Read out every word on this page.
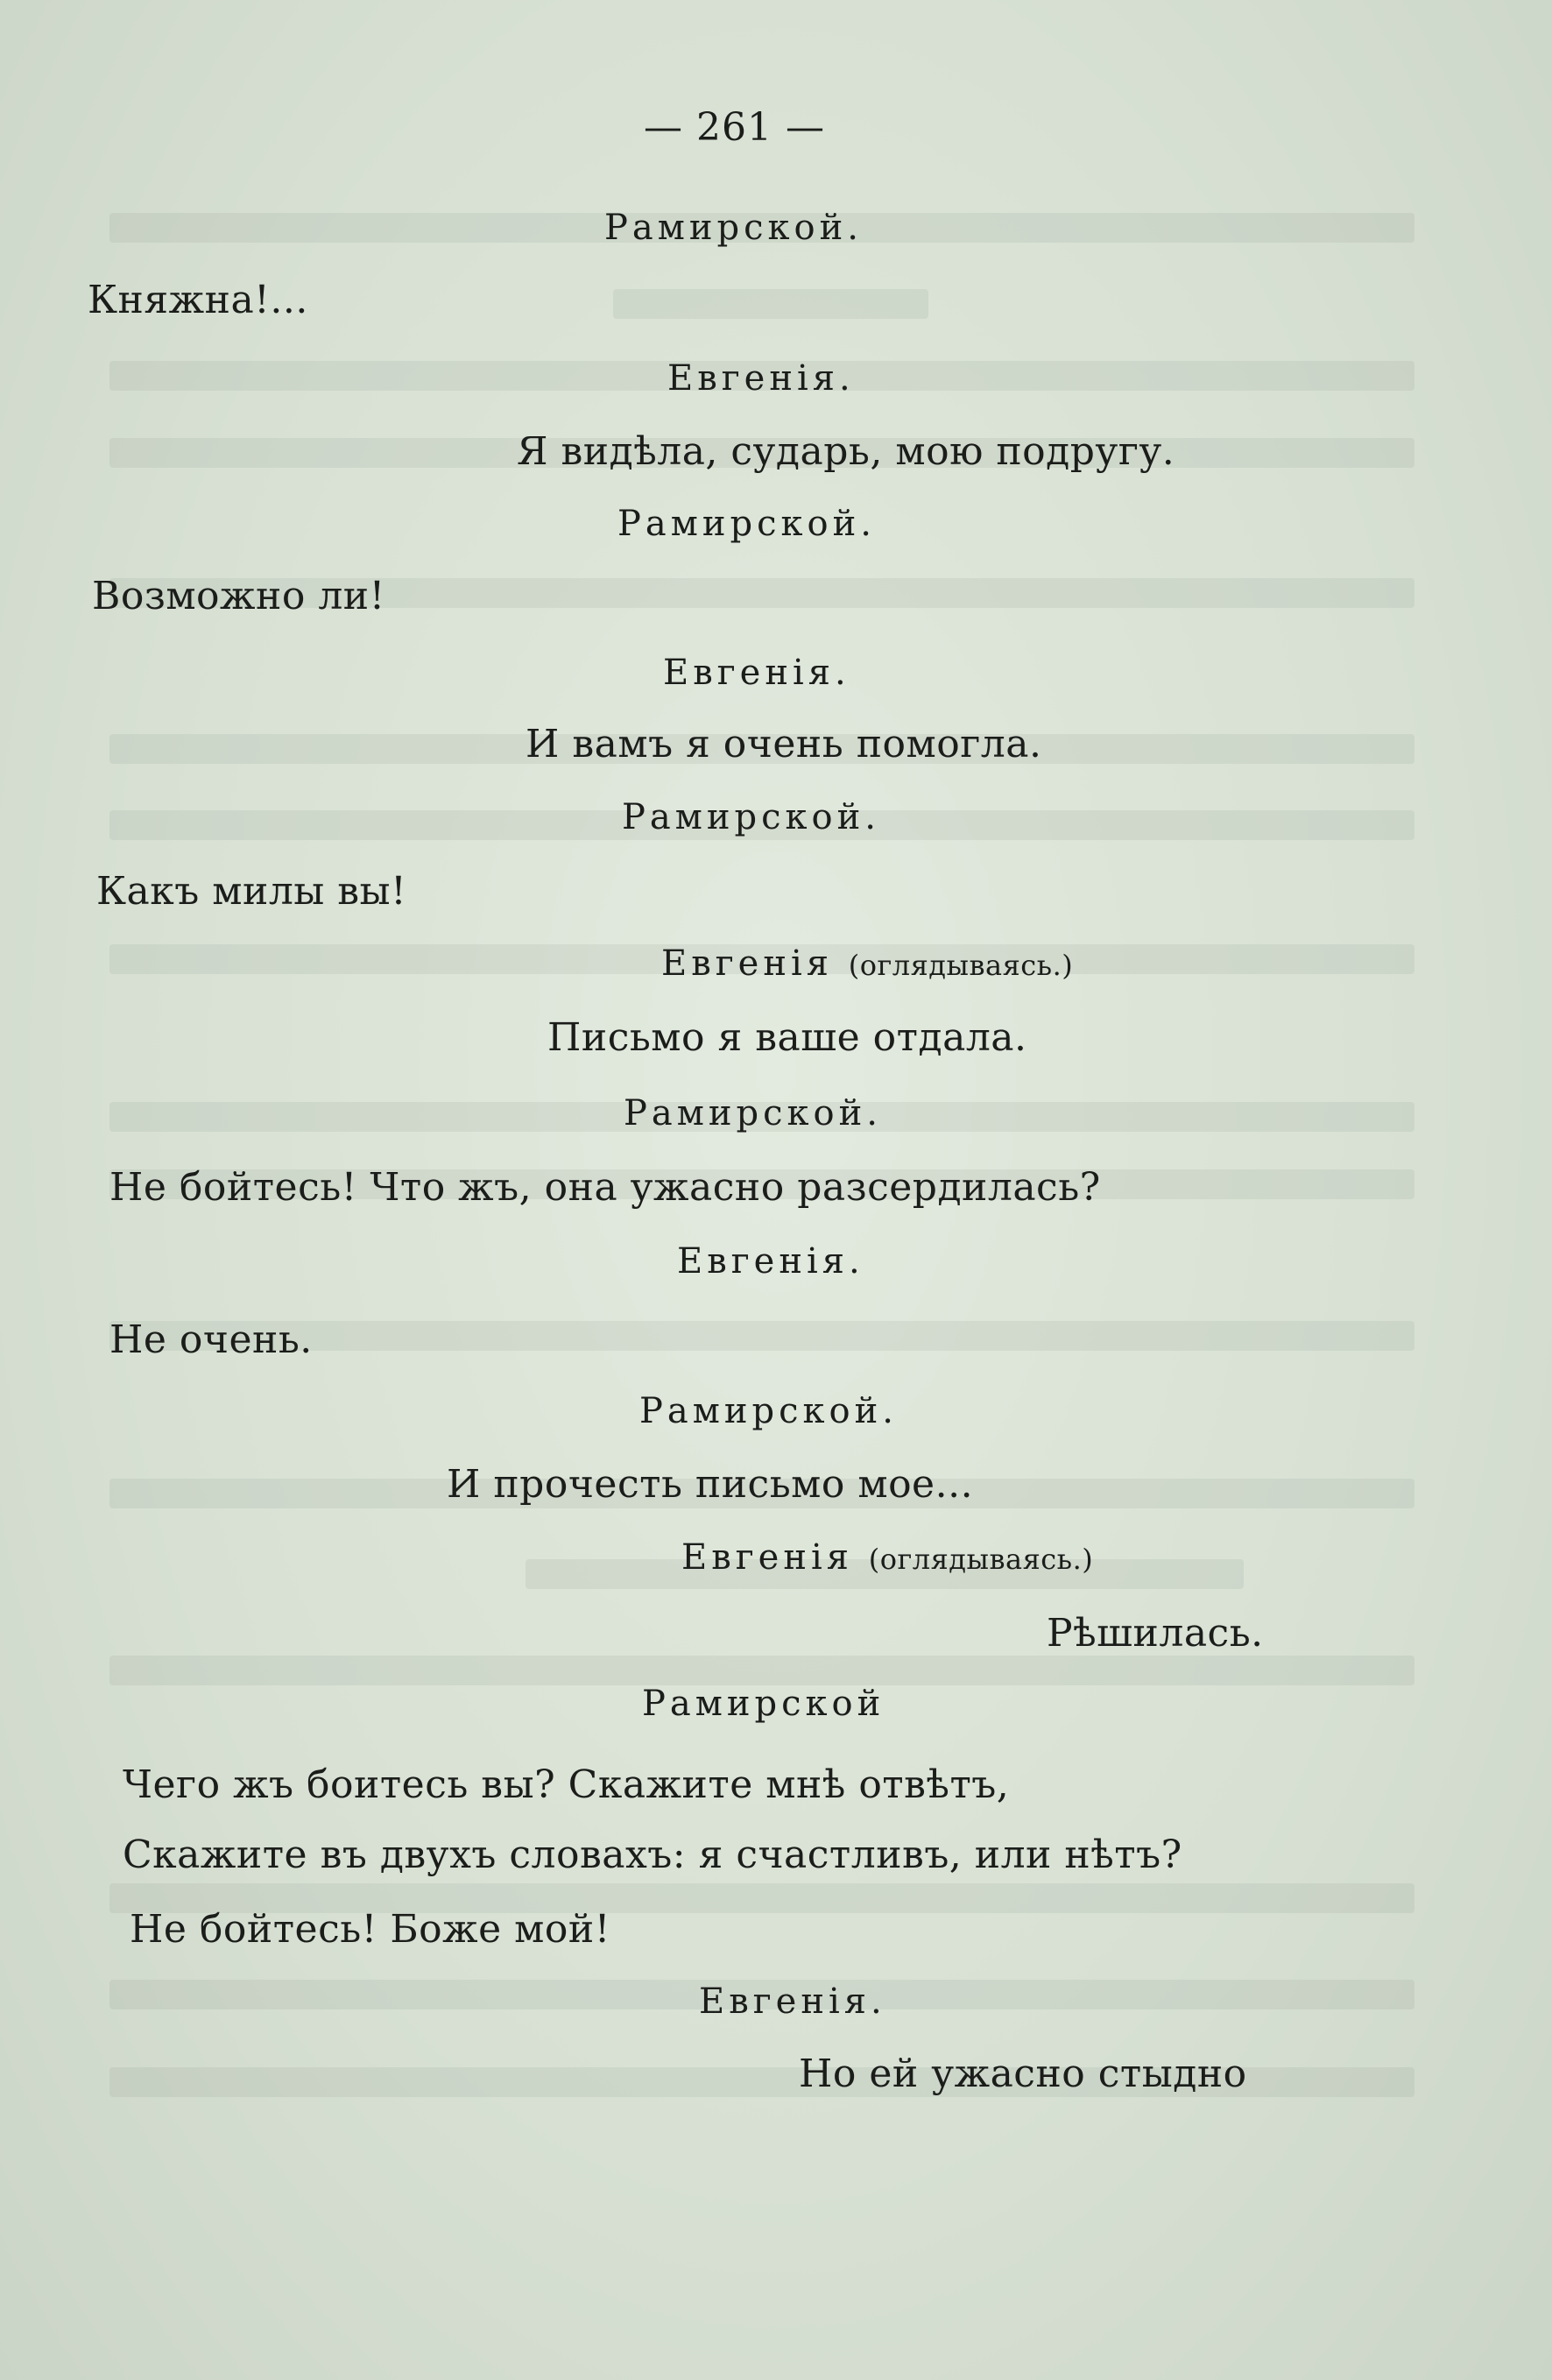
— 261 —
Рамирской.
Княжна!...
Евгенія.
Я видѣла, сударь, мою подругу.
Рамирской.
Возможно ли!
Евгенія.
И вамъ я очень помогла.
Рамирской.
Какъ милы вы!
Евгенія (оглядываясь.)
Письмо я ваше отдала.
Рамирской.
Не бойтесь! Что жъ, она ужасно разсердилась?
Евгенія.
Не очень.
Рамирской.
И прочесть письмо мое...
Евгенія (оглядываясь.)
Рѣшилась.
Рамирской
Чего жъ боитесь вы? Скажите мнѣ отвѣтъ,
Скажите въ двухъ словахъ: я счастливъ, или нѣтъ?
Не бойтесь! Боже мой!
Евгенія.
Но ей ужасно стыдно
